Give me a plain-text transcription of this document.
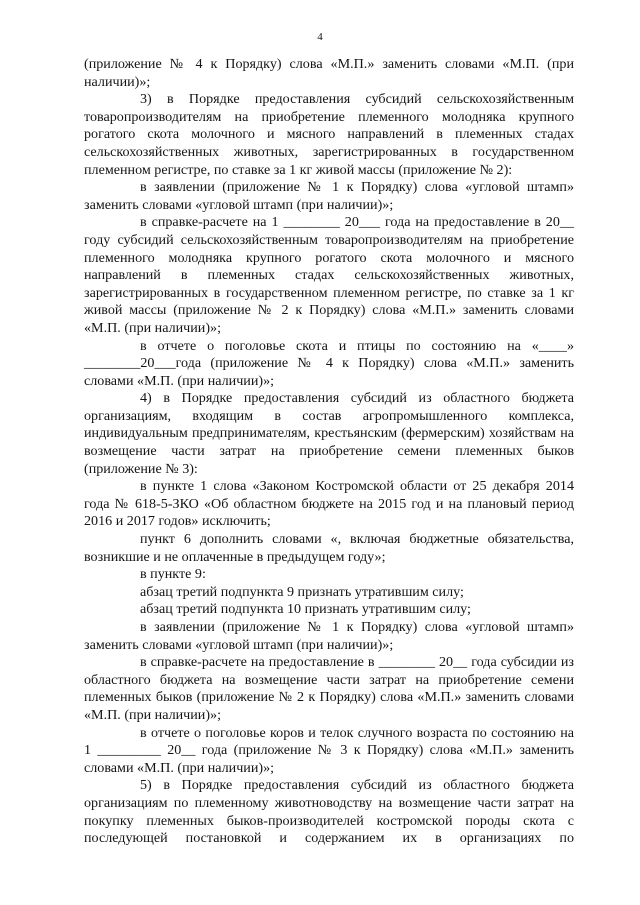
4

(приложение № 4 к Порядку) слова «М.П.» заменить словами «М.П. (при наличии)»;

3) в Порядке предоставления субсидий сельскохозяйственным товаропроизводителям на приобретение племенного молодняка крупного рогатого скота молочного и мясного направлений в племенных стадах сельскохозяйственных животных, зарегистрированных в государственном племенном регистре, по ставке за 1 кг живой массы (приложение № 2):

в заявлении (приложение № 1 к Порядку) слова «угловой штамп» заменить словами «угловой штамп (при наличии)»;

в справке-расчете на 1 ________ 20___ года на предоставление в 20__ году субсидий сельскохозяйственным товаропроизводителям на приобретение племенного молодняка крупного рогатого скота молочного и мясного направлений в племенных стадах сельскохозяйственных животных, зарегистрированных в государственном племенном регистре, по ставке за 1 кг живой массы (приложение № 2 к Порядку) слова «М.П.» заменить словами «М.П. (при наличии)»;

в отчете о поголовье скота и птицы по состоянию на «____» ________20___года (приложение № 4 к Порядку) слова «М.П.» заменить словами «М.П. (при наличии)»;

4) в Порядке предоставления субсидий из областного бюджета организациям, входящим в состав агропромышленного комплекса, индивидуальным предпринимателям, крестьянским (фермерским) хозяйствам на возмещение части затрат на приобретение семени племенных быков (приложение № 3):

в пункте 1 слова «Законом Костромской области от 25 декабря 2014 года № 618-5-ЗКО «Об областном бюджете на 2015 год и на плановый период 2016 и 2017 годов» исключить;

пункт 6 дополнить словами «, включая бюджетные обязательства, возникшие и не оплаченные в предыдущем году»;

в пункте 9:

абзац третий подпункта 9 признать утратившим силу;

абзац третий подпункта 10 признать утратившим силу;

в заявлении (приложение № 1 к Порядку) слова «угловой штамп» заменить словами «угловой штамп (при наличии)»;

в справке-расчете на предоставление в ________ 20__ года субсидии из областного бюджета на возмещение части затрат на приобретение семени племенных быков (приложение № 2 к Порядку) слова «М.П.» заменить словами «М.П. (при наличии)»;

в отчете о поголовье коров и телок случного возраста по состоянию на 1 _________ 20__ года (приложение № 3 к Порядку) слова «М.П.» заменить словами «М.П. (при наличии)»;

5) в Порядке предоставления субсидий из областного бюджета организациям по племенному животноводству на возмещение части затрат на покупку племенных быков-производителей костромской породы скота с последующей постановкой и содержанием их в организациях по
